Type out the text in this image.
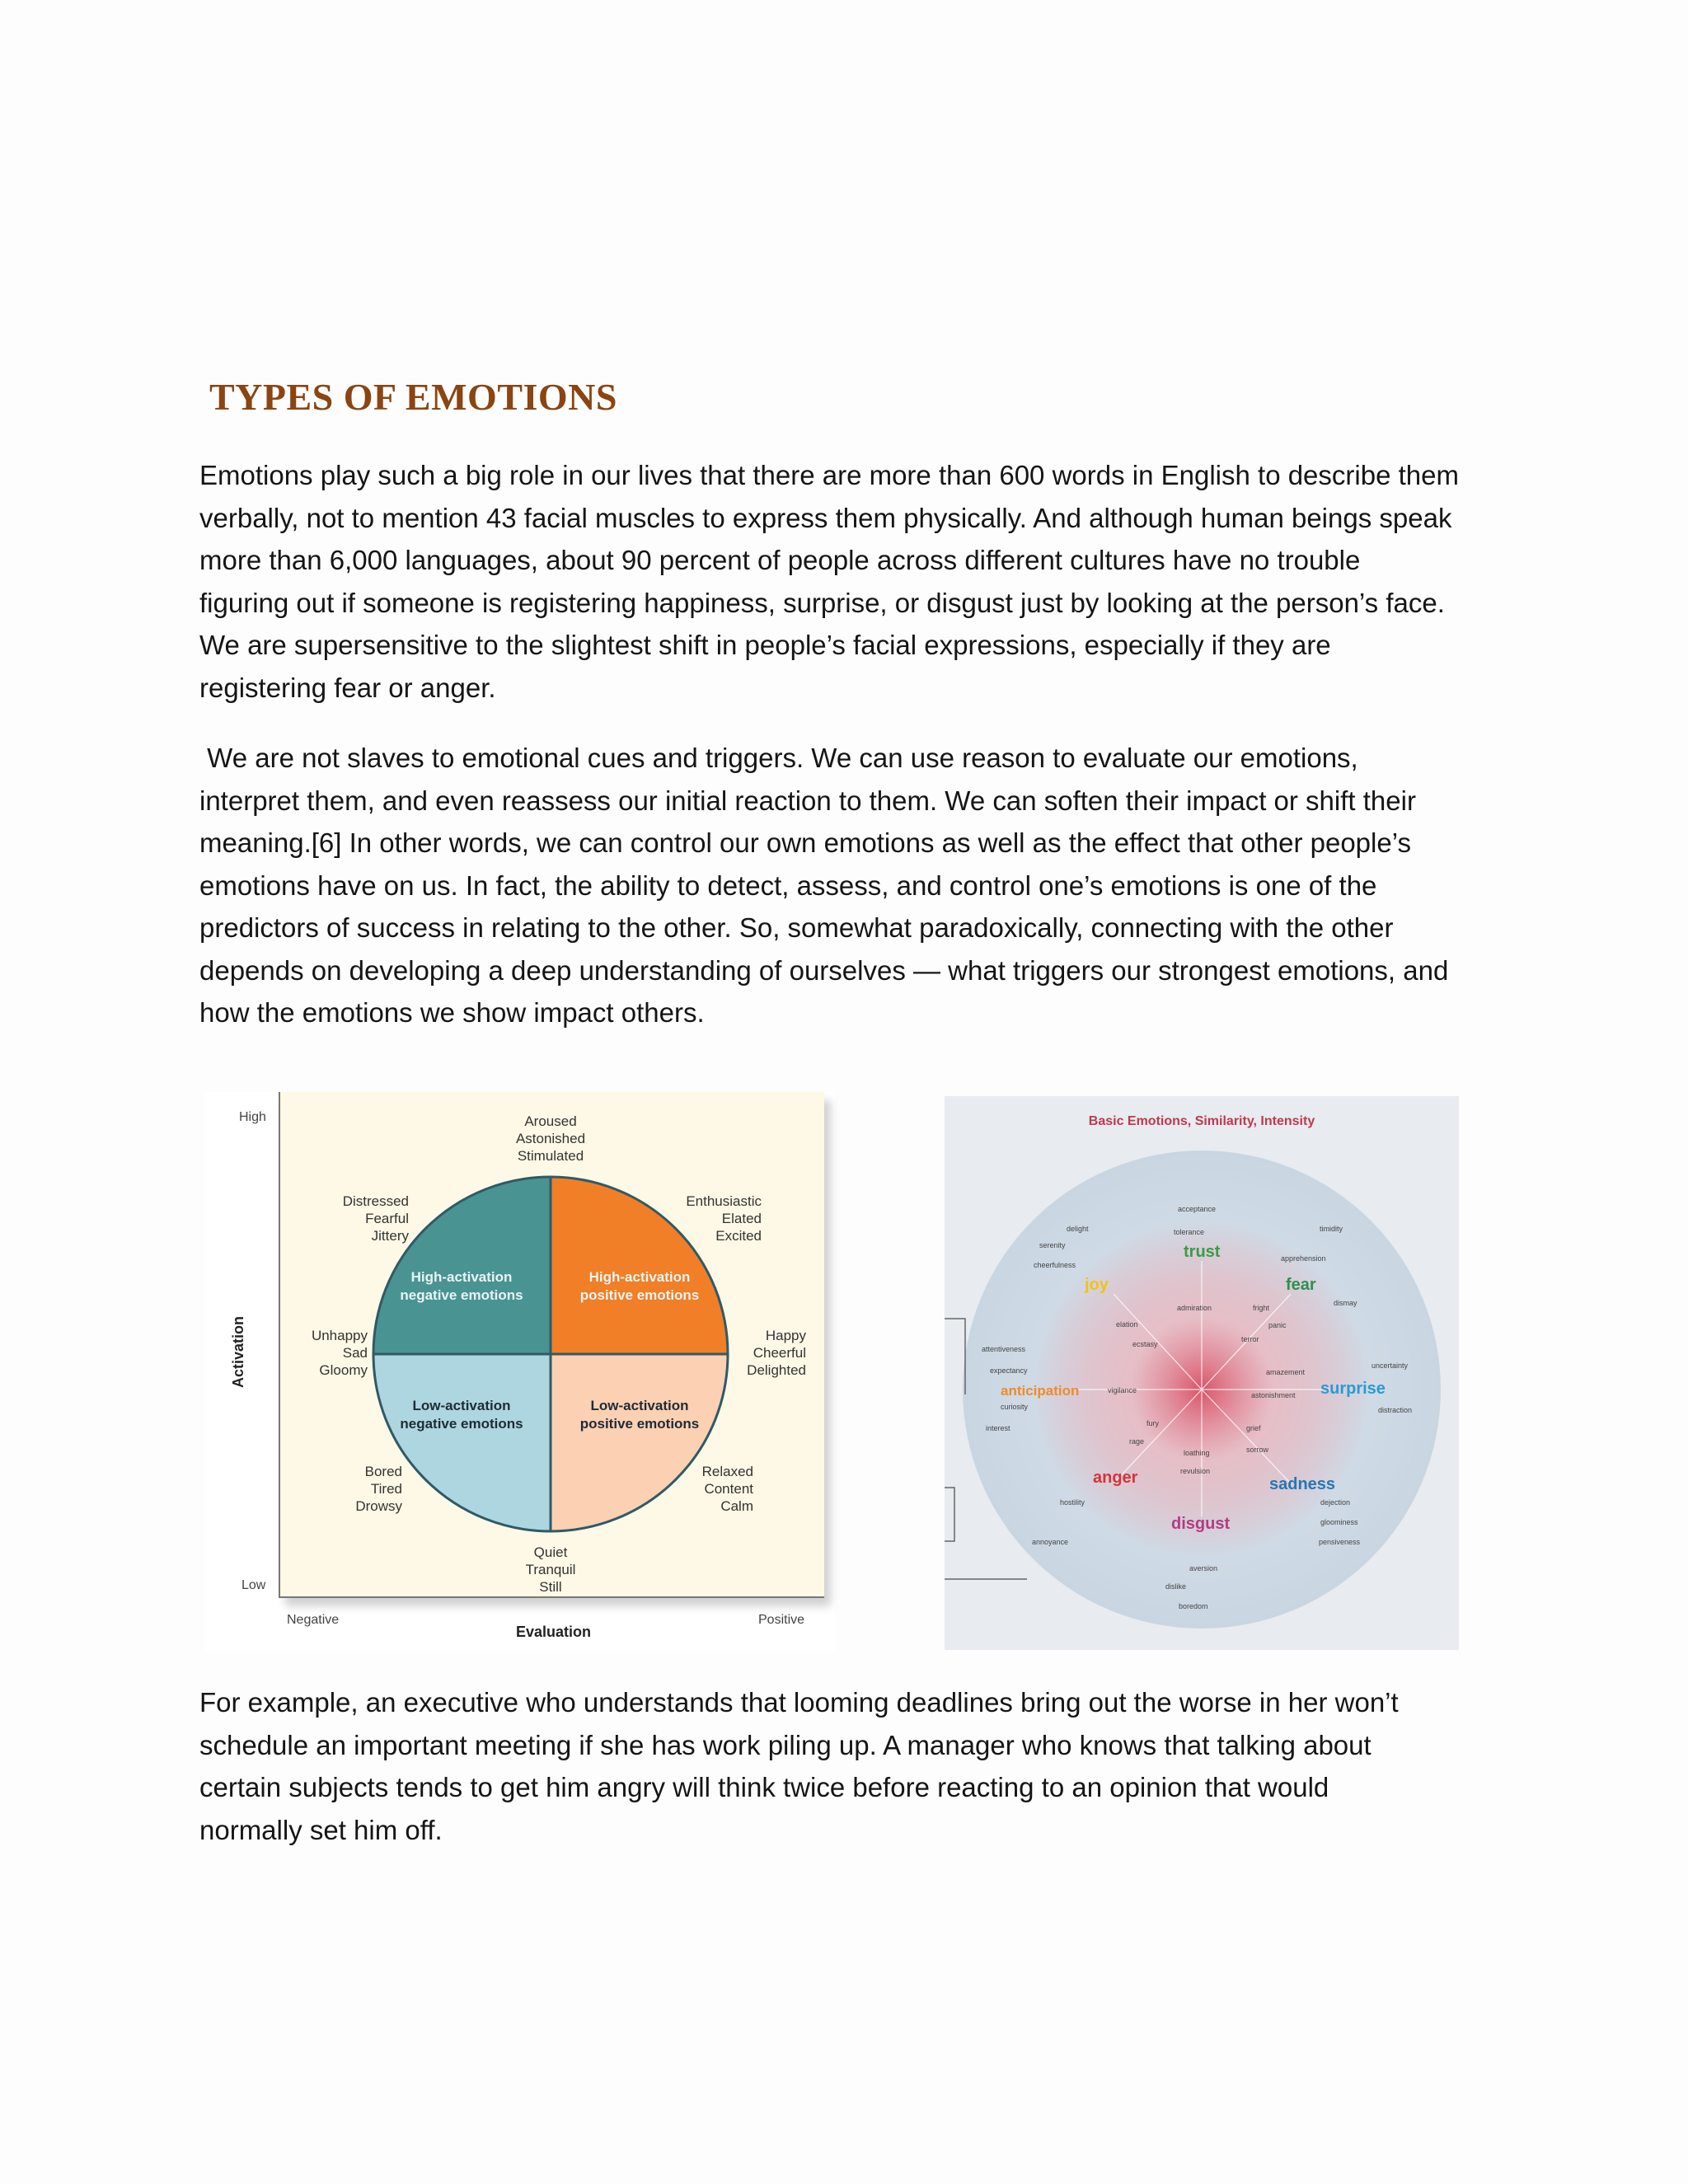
TYPES OF EMOTIONS

Emotions play such a big role in our lives that there are more than 600 words in English to describe them
verbally, not to mention 43 facial muscles to express them physically. And although human beings speak
more than 6,000 languages, about 90 percent of people across different cultures have no trouble
figuring out if someone is registering happiness, surprise, or disgust just by looking at the person’s face.
We are supersensitive to the slightest shift in people’s facial expressions, especially if they are
registering fear or anger.

We are not slaves to emotional cues and triggers. We can use reason to evaluate our emotions,
interpret them, and even reassess our initial reaction to them. We can soften their impact or shift their
meaning.[6] In other words, we can control our own emotions as well as the effect that other people’s
emotions have on us. In fact, the ability to detect, assess, and control one’s emotions is one of the
predictors of success in relating to the other. So, somewhat paradoxically, connecting with the other
depends on developing a deep understanding of ourselves — what triggers our strongest emotions, and
how the emotions we show impact others.

High
Low
Negative	Positive
Evaluation
Activation
Aroused
Astonished
Stimulated
Distressed
Fearful
Jittery
Enthusiastic
Elated
Excited
Unhappy
Sad
Gloomy
Happy
Cheerful
Delighted
Bored
Tired
Drowsy
Relaxed
Content
Calm
Quiet
Tranquil
Still
High-activation
negative emotions
High-activation
positive emotions
Low-activation
negative emotions
Low-activation
positive emotions
Basic Emotions, Similarity, Intensity
joy
trust
fear
surprise
sadness
disgust
anger
anticipation
acceptance
tolerance
delight
serenity
cheerfulness
timidity
apprehension
admiration	fright
dismay
elation	panic
ecstasy
terror
attentiveness
expectancy	amazement
uncertainty
vigilance
astonishment
distraction
curiosity
fury
interest	grief
rage
sorrow
loathing
revulsion
dejection
hostility
gloominess
annoyance	pensiveness
aversion
dislike
boredom

For example, an executive who understands that looming deadlines bring out the worse in her won’t
schedule an important meeting if she has work piling up. A manager who knows that talking about
certain subjects tends to get him angry will think twice before reacting to an opinion that would
normally set him off.
